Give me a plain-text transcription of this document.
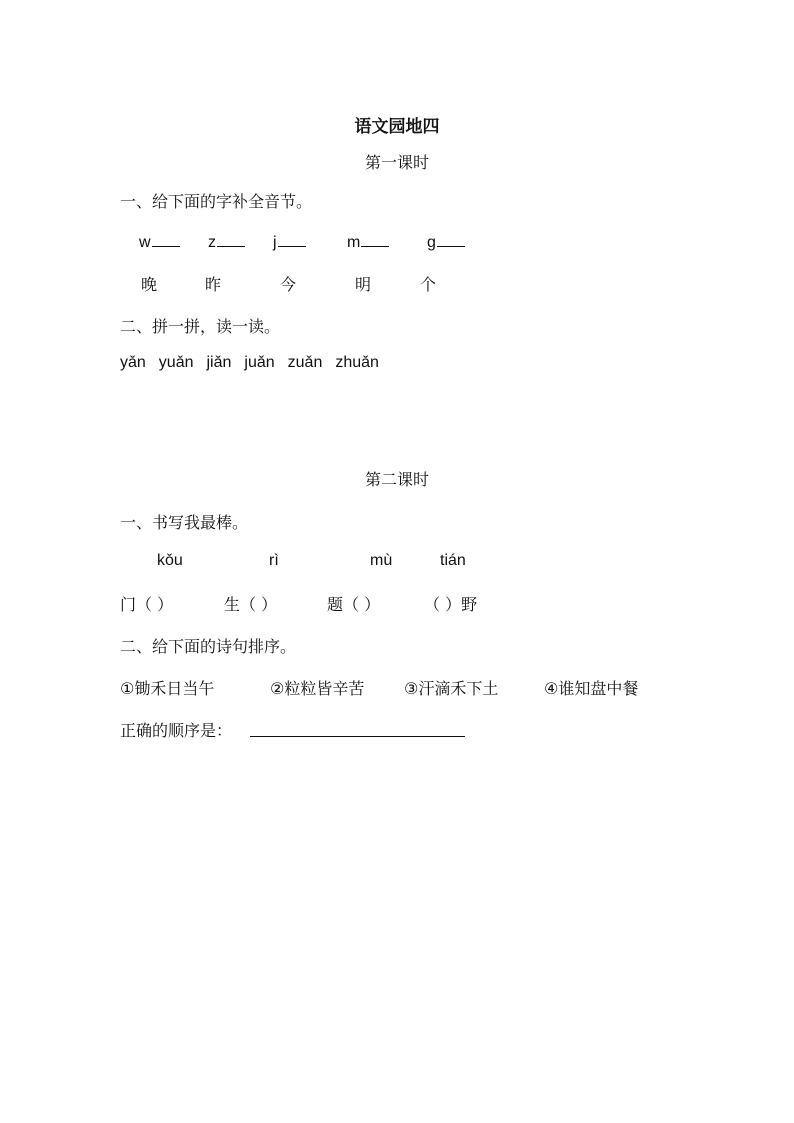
语文园地四
第一课时
一、给下面的字补全音节。
w	z	j	m	g
晚	昨	今	明	个
二、拼一拼，读一读。
yǎn yuǎn jiǎn juǎn zuǎn zhuǎn
第二课时
一、书写我最棒。
kǒu	rì	mù	tián
门（ ）	生（ ）	题（ ）	（ ）野
二、给下面的诗句排序。
①锄禾日当午	②粒粒皆辛苦 ③汗滴禾下土	④谁知盘中餐
正确的顺序是：
